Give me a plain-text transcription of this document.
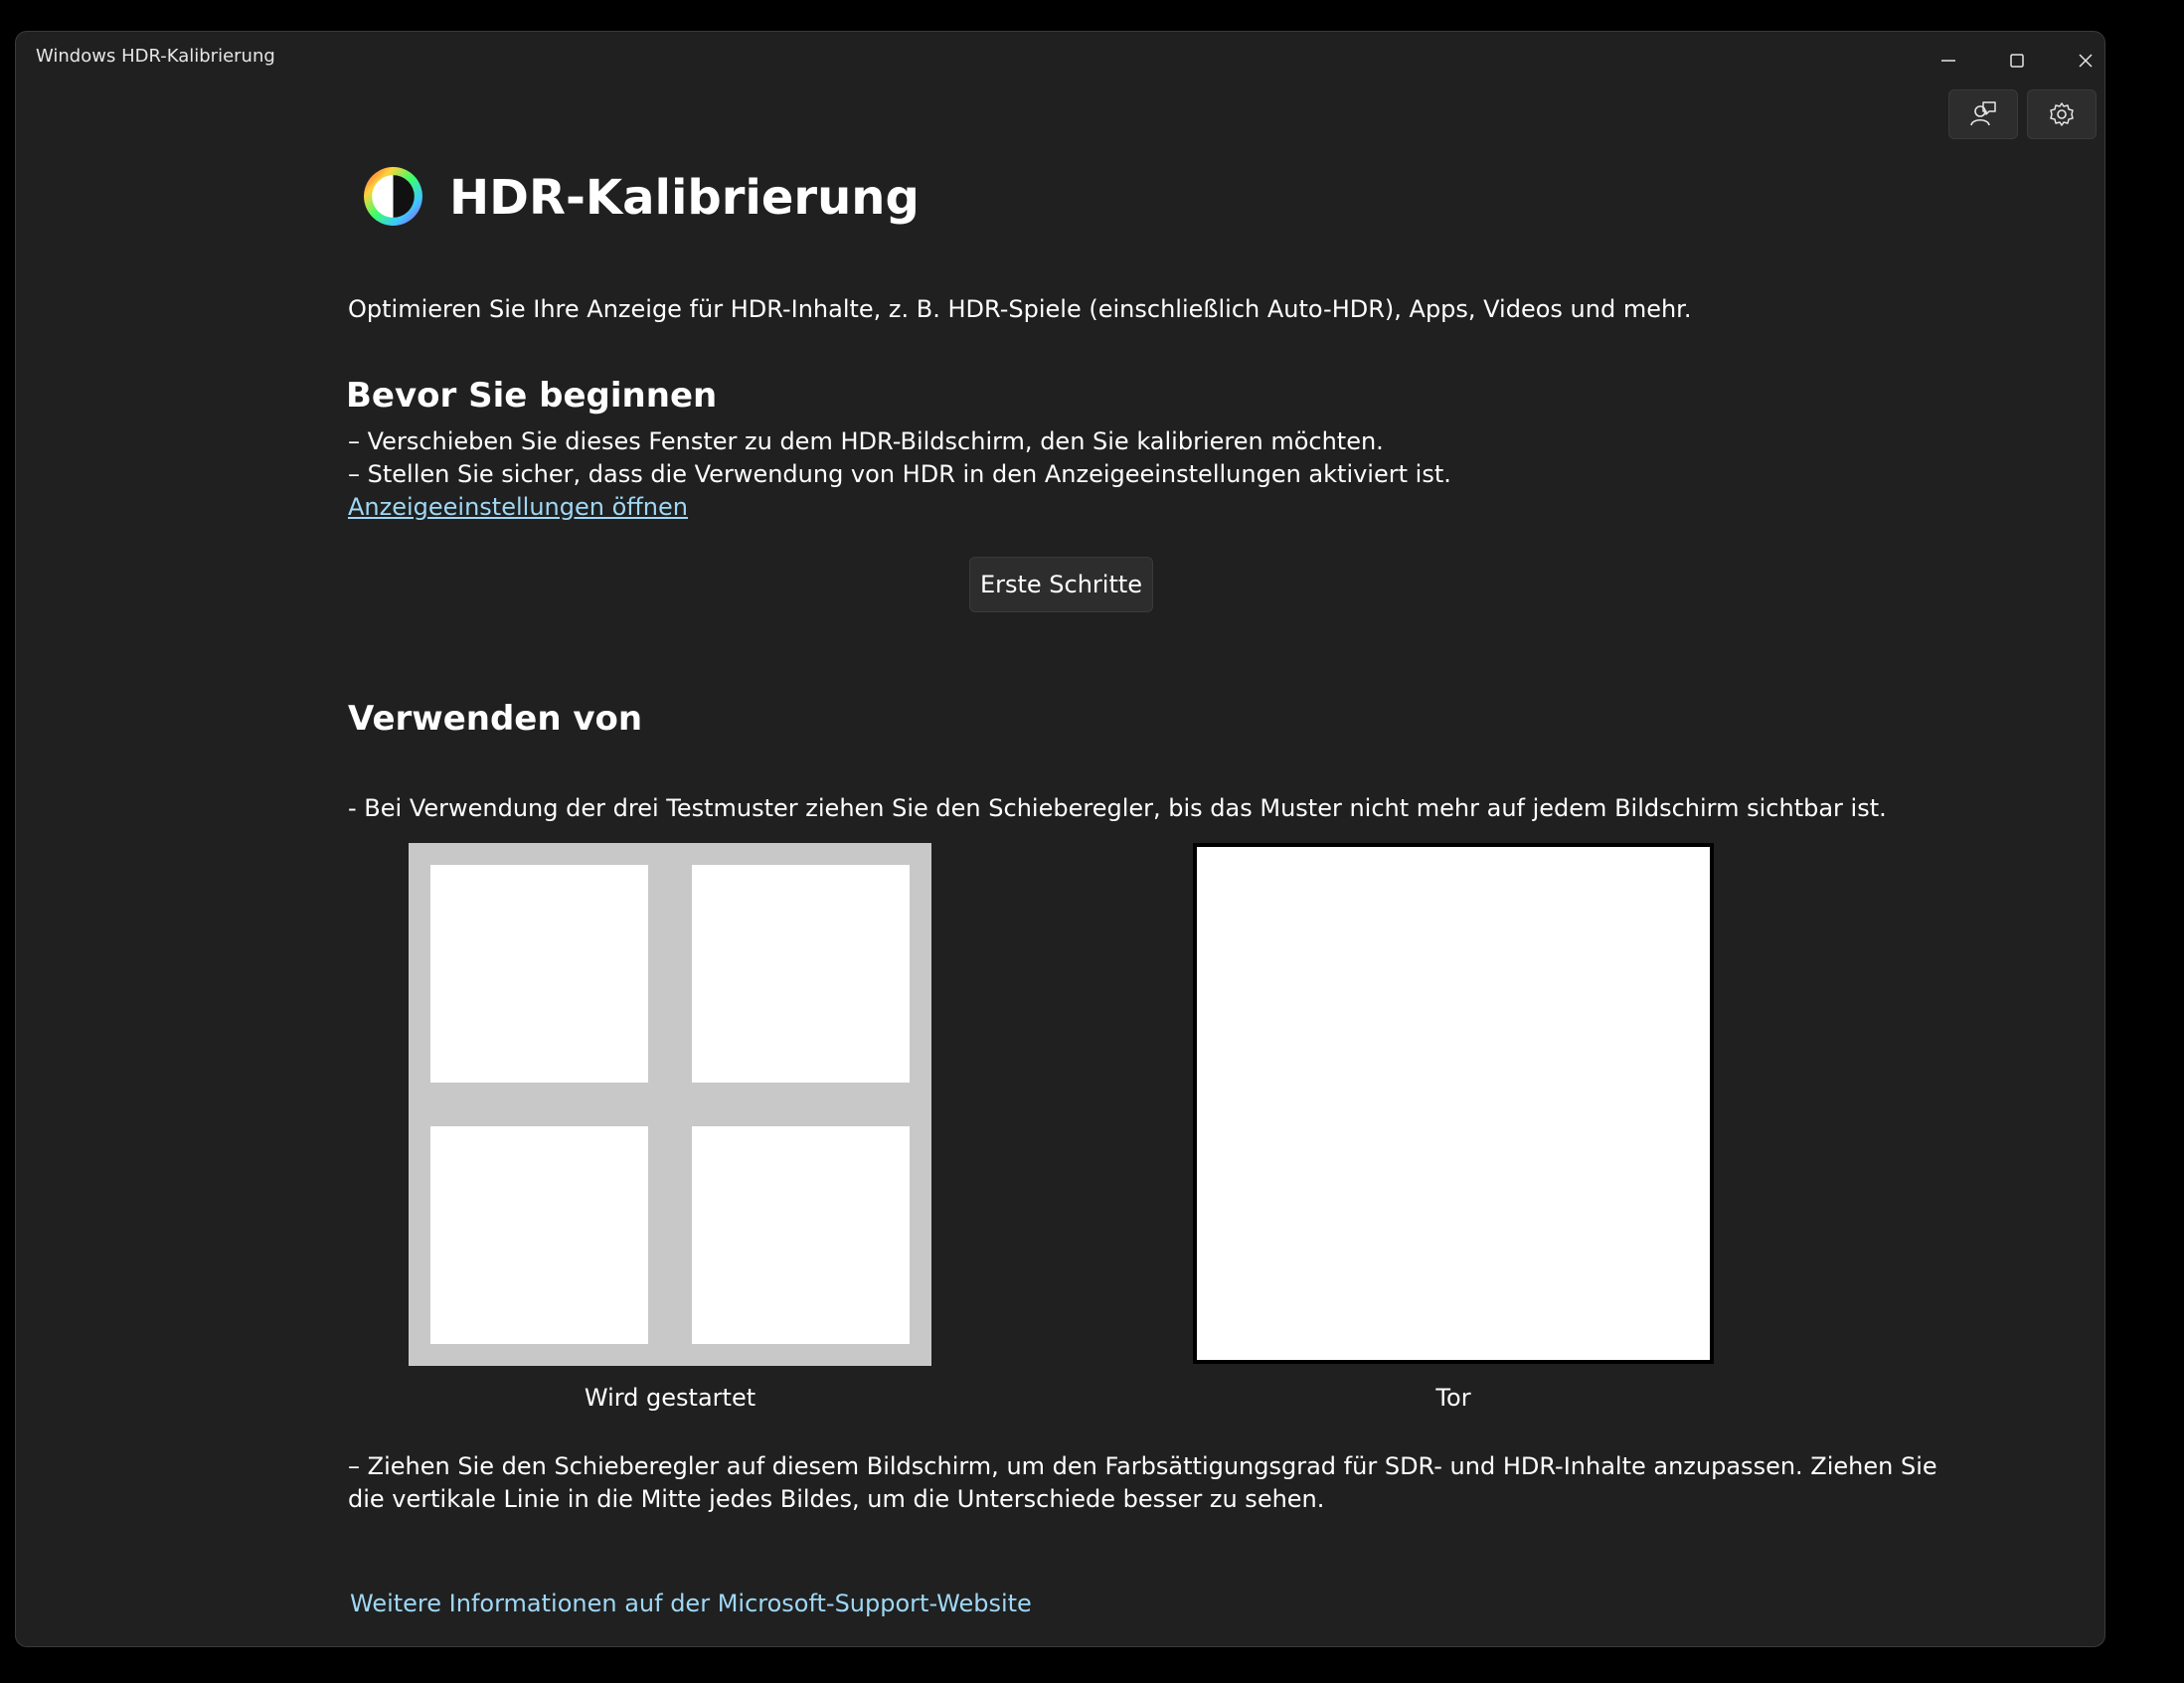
Windows HDR-Kalibrierung
HDR-Kalibrierung
Optimieren Sie Ihre Anzeige für HDR-Inhalte, z. B. HDR-Spiele (einschließlich Auto-HDR), Apps, Videos und mehr.
Bevor Sie beginnen
– Verschieben Sie dieses Fenster zu dem HDR-Bildschirm, den Sie kalibrieren möchten.
– Stellen Sie sicher, dass die Verwendung von HDR in den Anzeigeeinstellungen aktiviert ist.
Anzeigeeinstellungen öffnen
Erste Schritte
Verwenden von
- Bei Verwendung der drei Testmuster ziehen Sie den Schieberegler, bis das Muster nicht mehr auf jedem Bildschirm sichtbar ist.
Wird gestartet	Tor
– Ziehen Sie den Schieberegler auf diesem Bildschirm, um den Farbsättigungsgrad für SDR- und HDR-Inhalte anzupassen. Ziehen Sie
die vertikale Linie in die Mitte jedes Bildes, um die Unterschiede besser zu sehen.
Weitere Informationen auf der Microsoft-Support-Website
